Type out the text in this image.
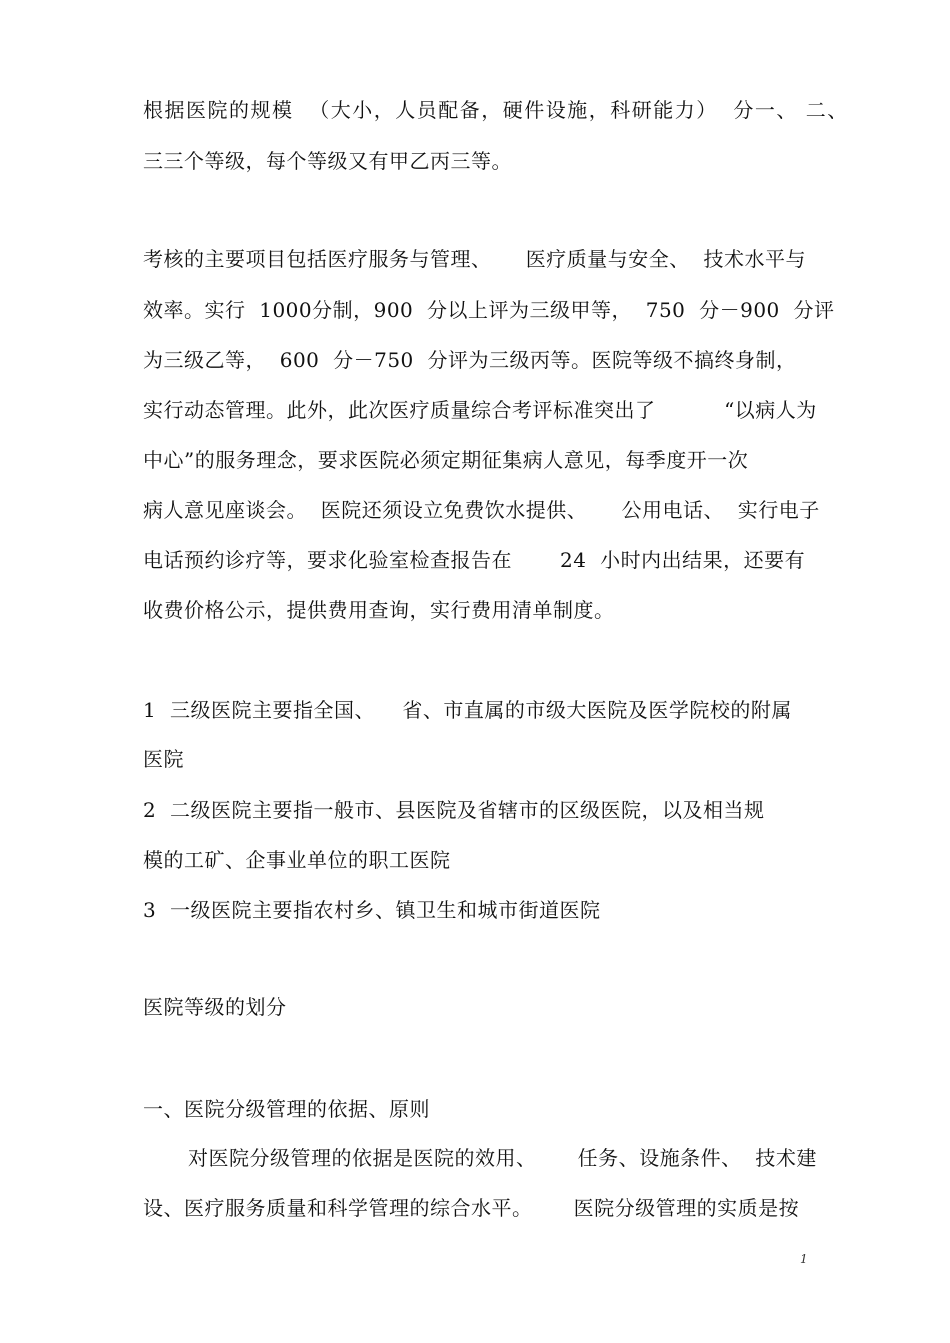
根据医院的规模  （大小，人员配备，硬件设施，科研能力）  分一、 二、
三三个等级，每个等级又有甲乙丙三等。
考核的主要项目包括医疗服务与管理、     医疗质量与安全、  技术水平与
效率。实行  1000分制，900  分以上评为三级甲等，  750  分－900  分评
为三级乙等，  600  分－750  分评为三级丙等。医院等级不搞终身制，
实行动态管理。此外，此次医疗质量综合考评标准突出了          “以病人为
中心”的服务理念，要求医院必须定期征集病人意见，每季度开一次
病人意见座谈会。  医院还须设立免费饮水提供、     公用电话、  实行电子
电话预约诊疗等，要求化验室检查报告在       24  小时内出结果，还要有
收费价格公示，提供费用查询，实行费用清单制度。
1  三级医院主要指全国、    省、市直属的市级大医院及医学院校的附属
医院
2  二级医院主要指一般市、县医院及省辖市的区级医院，以及相当规
模的工矿、企事业单位的职工医院
3  一级医院主要指农村乡、镇卫生和城市街道医院
医院等级的划分
一、医院分级管理的依据、原则
对医院分级管理的依据是医院的效用、      任务、设施条件、  技术建
设、医疗服务质量和科学管理的综合水平。      医院分级管理的实质是按
1
